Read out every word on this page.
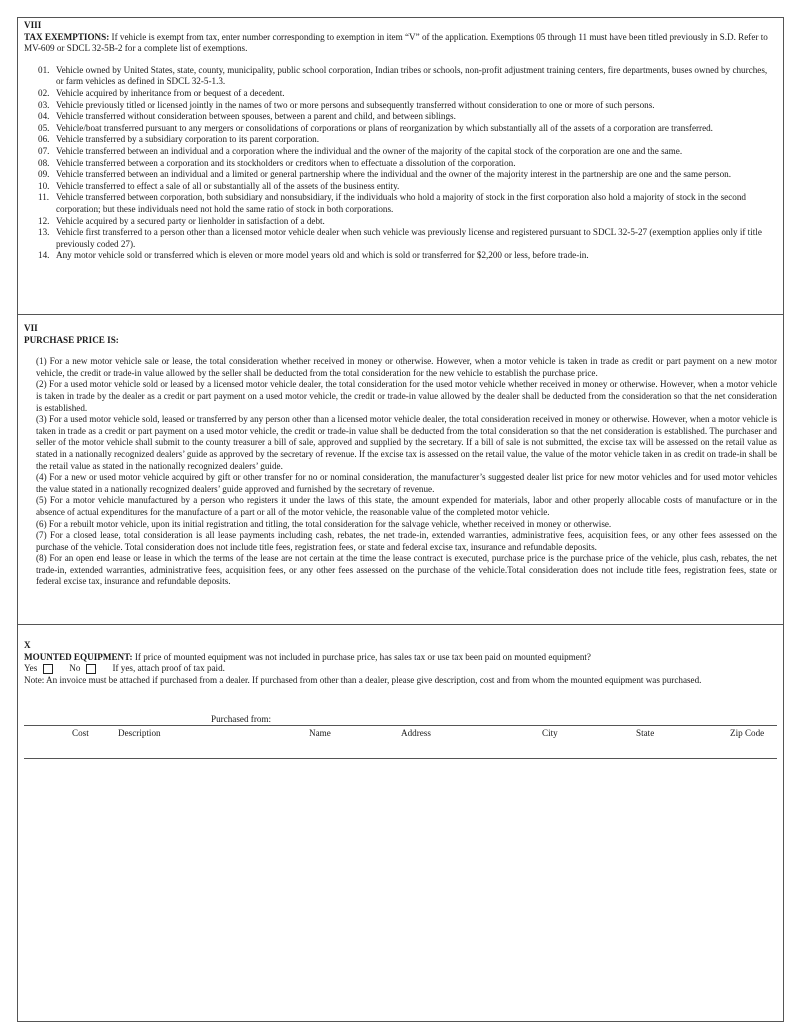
VIII

TAX EXEMPTIONS: If vehicle is exempt from tax, enter number corresponding to exemption in item “V” of the application. Exemptions 05 through 11 must have been titled previously in S.D. Refer to MV-609 or SDCL 32-5B-2 for a complete list of exemptions.

01. Vehicle owned by United States, state, county, municipality, public school corporation, Indian tribes or schools, non-profit adjustment training centers, fire departments, buses owned by churches, or farm vehicles as defined in SDCL 32-5-1.3.
02. Vehicle acquired by inheritance from or bequest of a decedent.
03. Vehicle previously titled or licensed jointly in the names of two or more persons and subsequently transferred without consideration to one or more of such persons.
04. Vehicle transferred without consideration between spouses, between a parent and child, and between siblings.
05. Vehicle/boat transferred pursuant to any mergers or consolidations of corporations or plans of reorganization by which substantially all of the assets of a corporation are transferred.
06. Vehicle transferred by a subsidiary corporation to its parent corporation.
07. Vehicle transferred between an individual and a corporation where the individual and the owner of the majority of the capital stock of the corporation are one and the same.
08. Vehicle transferred between a corporation and its stockholders or creditors when to effectuate a dissolution of the corporation.
09. Vehicle transferred between an individual and a limited or general partnership where the individual and the owner of the majority interest in the partnership are one and the same person.
10. Vehicle transferred to effect a sale of all or substantially all of the assets of the business entity.
11. Vehicle transferred between corporation, both subsidiary and nonsubsidiary, if the individuals who hold a majority of stock in the first corporation also hold a majority of stock in the second corporation; but these individuals need not hold the same ratio of stock in both corporations.
12. Vehicle acquired by a secured party or lienholder in satisfaction of a debt.
13. Vehicle first transferred to a person other than a licensed motor vehicle dealer when such vehicle was previously license and registered pursuant to SDCL 32-5-27 (exemption applies only if title previously coded 27).
14. Any motor vehicle sold or transferred which is eleven or more model years old and which is sold or transferred for $2,200 or less, before trade-in.
VII
PURCHASE PRICE IS:

(1) For a new motor vehicle sale or lease, the total consideration whether received in money or otherwise. However, when a motor vehicle is taken in trade as credit or part payment on a new motor vehicle, the credit or trade-in value allowed by the seller shall be deducted from the total consideration for the new vehicle to establish the purchase price.

(2) For a used motor vehicle sold or leased by a licensed motor vehicle dealer, the total consideration for the used motor vehicle whether received in money or otherwise. However, when a motor vehicle is taken in trade by the dealer as a credit or part payment on a used motor vehicle, the credit or trade-in value allowed by the dealer shall be deducted from the consideration so that the net consideration is established.

(3) For a used motor vehicle sold, leased or transferred by any person other than a licensed motor vehicle dealer, the total consideration received in money or otherwise. However, when a motor vehicle is taken in trade as a credit or part payment on a used motor vehicle, the credit or trade-in value shall be deducted from the total consideration so that the net consideration is established. The purchaser and seller of the motor vehicle shall submit to the county treasurer a bill of sale, approved and supplied by the secretary. If a bill of sale is not submitted, the excise tax will be assessed on the retail value as stated in a nationally recognized dealers’ guide as approved by the secretary of revenue. If the excise tax is assessed on the retail value, the value of the motor vehicle taken in as credit on trade-in shall be the retail value as stated in the nationally recognized dealers’ guide.

(4) For a new or used motor vehicle acquired by gift or other transfer for no or nominal consideration, the manufacturer’s suggested dealer list price for new motor vehicles and for used motor vehicles the value stated in a nationally recognized dealers’ guide approved and furnished by the secretary of revenue.

(5) For a motor vehicle manufactured by a person who registers it under the laws of this state, the amount expended for materials, labor and other properly allocable costs of manufacture or in the absence of actual expenditures for the manufacture of a part or all of the motor vehicle, the reasonable value of the completed motor vehicle.

(6) For a rebuilt motor vehicle, upon its initial registration and titling, the total consideration for the salvage vehicle, whether received in money or otherwise.

(7) For a closed lease, total consideration is all lease payments including cash, rebates, the net trade-in, extended warranties, administrative fees, acquisition fees, or any other fees assessed on the purchase of the vehicle. Total consideration does not include title fees, registration fees, or state and federal excise tax, insurance and refundable deposits.

(8) For an open end lease or lease in which the terms of the lease are not certain at the time the lease contract is executed, purchase price is the purchase price of the vehicle, plus cash, rebates, the net trade-in, extended warranties, administrative fees, acquisition fees, or any other fees assessed on the purchase of the vehicle.Total consideration does not include title fees, registration fees, state or federal excise tax, insurance and refundable deposits.

X
MOUNTED EQUIPMENT: If price of mounted equipment was not included in purchase price, has sales tax or use tax been paid on mounted equipment?
Yes	No	If yes, attach proof of tax paid.

Note: An invoice must be attached if purchased from a dealer. If purchased from other than a dealer, please give description, cost and from whom the mounted equipment was purchased.

Purchased from:
Cost	Description	Name	Address	City	State	Zip Code
